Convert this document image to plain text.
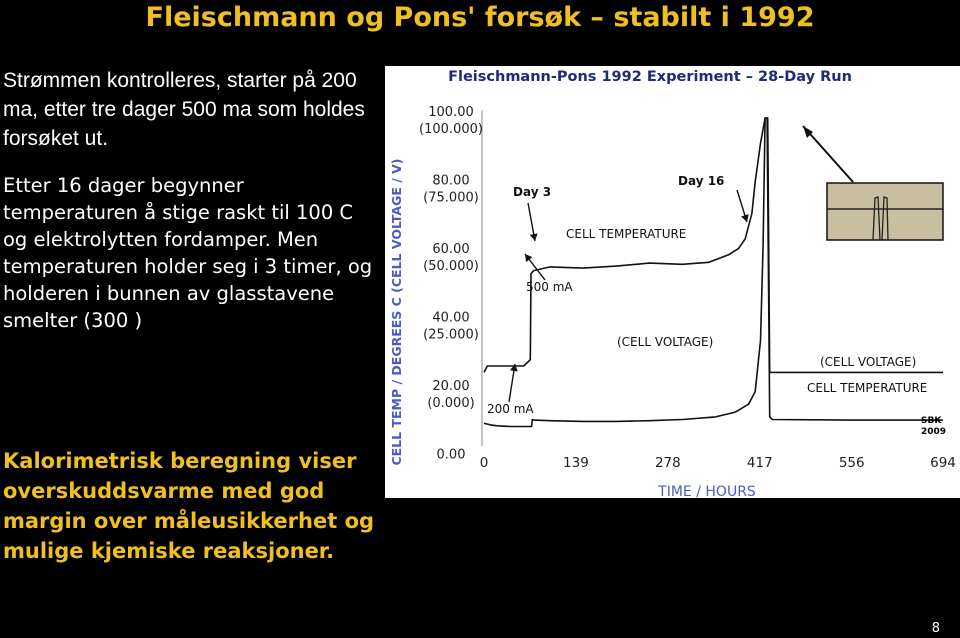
Fleischmann og Pons' forsøk – stabilt i 1992
Strømmen kontrolleres, starter på 200 ma, etter tre dager 500 ma som holdes forsøket ut.
Etter 16 dager begynner temperaturen å stige raskt til 100 C og elektrolytten fordamper. Men temperaturen holder seg i 3 timer, og holderen i bunnen av glasstavene smelter (300 )
Kalorimetrisk beregning viser overskuddsvarme med god margin over måleusikkerhet og mulige kjemiske reaksjoner.
Fleischmann-Pons 1992 Experiment – 28-Day Run
CELL TEMP / DEGREES C (CELL VOLTAGE / V)
TIME / HOURS
100.00
(100.000)
80.00
(75.000)
60.00
(50.000)
40.00
(25.000)
20.00
(0.000)
0.00 0	139	278	417	556	694
Day 3
Day 16
200 mA
500 mA
CELL TEMPERATURE
(CELL VOLTAGE)
(CELL VOLTAGE)
CELL TEMPERATURE
SBK
2009
8
